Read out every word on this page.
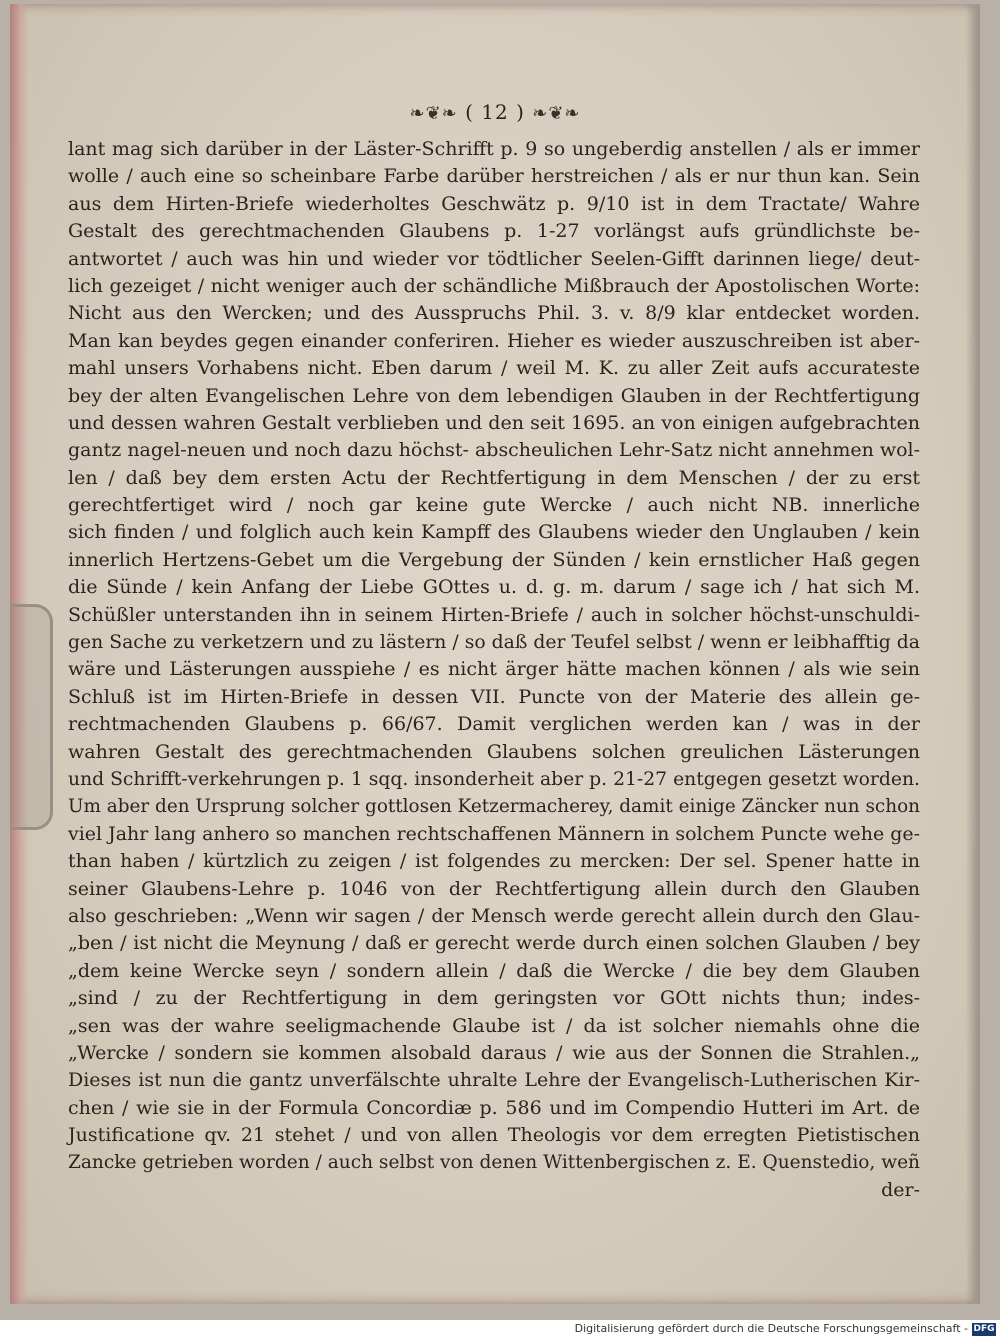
❧❦❧ ( 12 ) ❧❦❧
lant mag sich darüber in der Läster-Schrifft p. 9 so ungeberdig anstellen / als er immer
wolle / auch eine so scheinbare Farbe darüber herstreichen / als er nur thun kan. Sein
aus dem Hirten-Briefe wiederholtes Geschwätz p. 9/10 ist in dem Tractate/ Wahre
Gestalt des gerechtmachenden Glaubens p. 1-27 vorlängst aufs gründlichste be-
antwortet / auch was hin und wieder vor tödtlicher Seelen-Gifft darinnen liege/ deut-
lich gezeiget / nicht weniger auch der schändliche Mißbrauch der Apostolischen Worte:
Nicht aus den Wercken; und des Ausspruchs Phil. 3. v. 8/9 klar entdecket worden.
Man kan beydes gegen einander conferiren. Hieher es wieder auszuschreiben ist aber-
mahl unsers Vorhabens nicht. Eben darum / weil M. K. zu aller Zeit aufs accurateste
bey der alten Evangelischen Lehre von dem lebendigen Glauben in der Rechtfertigung
und dessen wahren Gestalt verblieben und den seit 1695. an von einigen aufgebrachten
gantz nagel-neuen und noch dazu höchst- abscheulichen Lehr-Satz nicht annehmen wol-
len / daß bey dem ersten Actu der Rechtfertigung in dem Menschen / der zu erst
gerechtfertiget wird / noch gar keine gute Wercke / auch nicht NB. innerliche
sich finden / und folglich auch kein Kampff des Glaubens wieder den Unglauben / kein
innerlich Hertzens-Gebet um die Vergebung der Sünden / kein ernstlicher Haß gegen
die Sünde / kein Anfang der Liebe GOttes u. d. g. m. darum / sage ich / hat sich M.
Schüßler unterstanden ihn in seinem Hirten-Briefe / auch in solcher höchst-unschuldi-
gen Sache zu verketzern und zu lästern / so daß der Teufel selbst / wenn er leibhafftig da
wäre und Lästerungen ausspiehe / es nicht ärger hätte machen können / als wie sein
Schluß ist im Hirten-Briefe in dessen VII. Puncte von der Materie des allein ge-
rechtmachenden Glaubens p. 66/67. Damit verglichen werden kan / was in der
wahren Gestalt des gerechtmachenden Glaubens solchen greulichen Lästerungen
und Schrifft-verkehrungen p. 1 sqq. insonderheit aber p. 21-27 entgegen gesetzt worden.
Um aber den Ursprung solcher gottlosen Ketzermacherey, damit einige Zäncker nun schon
viel Jahr lang anhero so manchen rechtschaffenen Männern in solchem Puncte wehe ge-
than haben / kürtzlich zu zeigen / ist folgendes zu mercken: Der sel. Spener hatte in
seiner Glaubens-Lehre p. 1046 von der Rechtfertigung allein durch den Glauben
also geschrieben: „Wenn wir sagen / der Mensch werde gerecht allein durch den Glau-
„ben / ist nicht die Meynung / daß er gerecht werde durch einen solchen Glauben / bey
„dem keine Wercke seyn / sondern allein / daß die Wercke / die bey dem Glauben
„sind / zu der Rechtfertigung in dem geringsten vor GOtt nichts thun; indes-
„sen was der wahre seeligmachende Glaube ist / da ist solcher niemahls ohne die
„Wercke / sondern sie kommen alsobald daraus / wie aus der Sonnen die Strahlen.„
Dieses ist nun die gantz unverfälschte uhralte Lehre der Evangelisch-Lutherischen Kir-
chen / wie sie in der Formula Concordiæ p. 586 und im Compendio Hutteri im Art. de
Justificatione qv. 21 stehet / und von allen Theologis vor dem erregten Pietistischen
Zancke getrieben worden / auch selbst von denen Wittenbergischen z. E. Quenstedio, weñ
der-
Digitalisierung gefördert durch die Deutsche Forschungsgemeinschaft - DFG
